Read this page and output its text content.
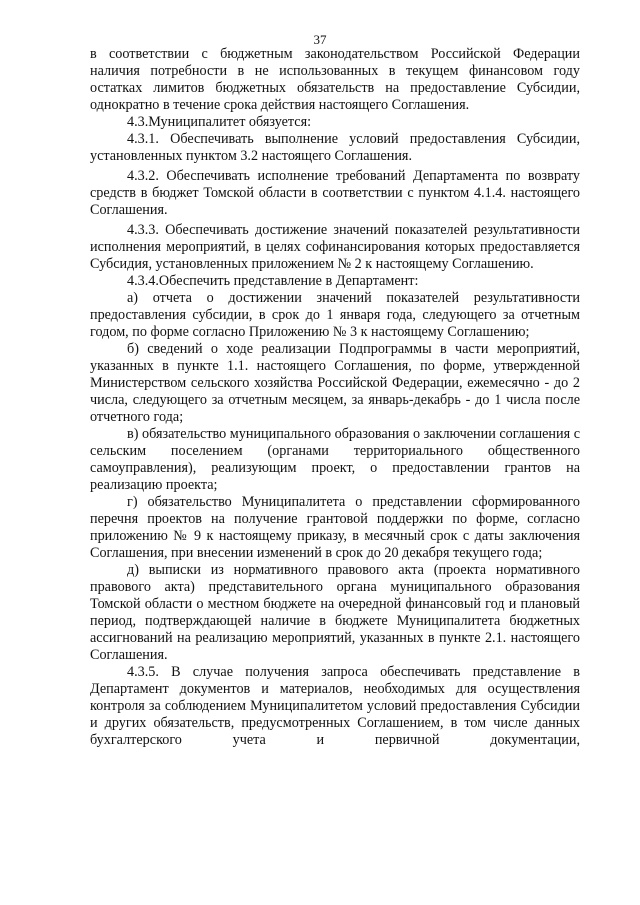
37

в соответствии с бюджетным законодательством Российской Федерации наличия потребности в не использованных в текущем финансовом году остатках лимитов бюджетных обязательств на предоставление Субсидии, однократно в течение срока действия настоящего Соглашения.

4.3.Муниципалитет обязуется:

4.3.1. Обеспечивать выполнение условий предоставления Субсидии, установленных пунктом 3.2 настоящего Соглашения.

4.3.2. Обеспечивать исполнение требований Департамента по возврату средств в бюджет Томской области в соответствии с пунктом 4.1.4. настоящего Соглашения.

4.3.3. Обеспечивать достижение значений показателей результативности исполнения мероприятий, в целях софинансирования которых предоставляется Субсидия, установленных приложением № 2 к настоящему Соглашению.

4.3.4.Обеспечить представление в Департамент:

а) отчета о достижении значений показателей результативности предоставления субсидии, в срок до 1 января года, следующего за отчетным годом, по форме согласно Приложению № 3 к настоящему Соглашению;

б) сведений о ходе реализации Подпрограммы в части мероприятий, указанных в пункте 1.1. настоящего Соглашения, по форме, утвержденной Министерством сельского хозяйства Российской Федерации, ежемесячно - до 2 числа, следующего за отчетным месяцем, за январь-декабрь - до 1 числа после отчетного года;

в) обязательство муниципального образования о заключении соглашения с сельским поселением (органами территориального общественного самоуправления), реализующим проект, о предоставлении грантов на реализацию проекта;

г) обязательство Муниципалитета о представлении сформированного перечня проектов на получение грантовой поддержки по форме, согласно приложению № 9 к настоящему приказу, в месячный срок с даты заключения Соглашения, при внесении изменений в срок до 20 декабря текущего года;

д) выписки из нормативного правового акта (проекта нормативного правового акта) представительного органа муниципального образования Томской области о местном бюджете на очередной финансовый год и плановый период, подтверждающей наличие в бюджете Муниципалитета бюджетных ассигнований на реализацию мероприятий, указанных в пункте 2.1. настоящего Соглашения.

4.3.5. В случае получения запроса обеспечивать представление в Департамент документов и материалов, необходимых для осуществления контроля за соблюдением Муниципалитетом условий предоставления Субсидии и других обязательств, предусмотренных Соглашением, в том числе данных бухгалтерского учета и первичной документации,
